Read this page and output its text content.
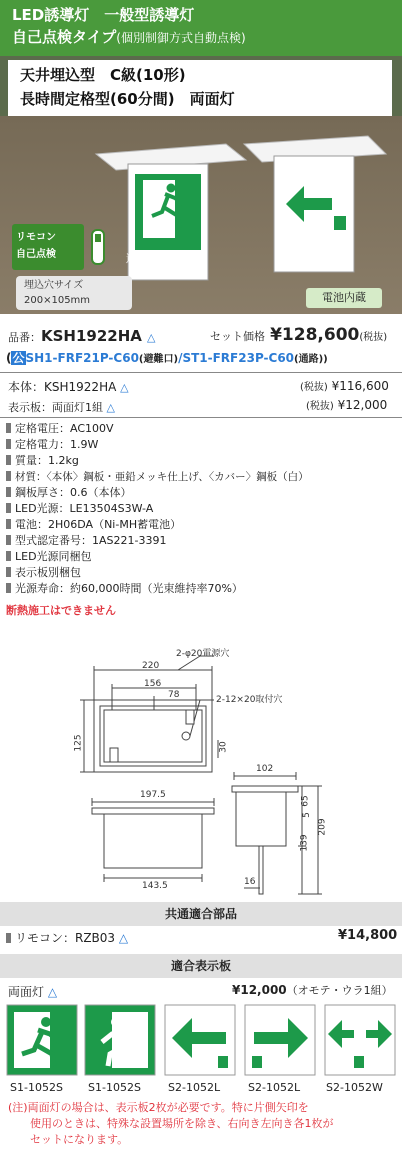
LED誘導灯　一般型誘導灯
自己点検タイプ(個別制御方式自動点検)
天井埋込型　C級(10形)
長時間定格型(60分間)　両面灯
避難口誘導灯	通路誘導灯
リモコン
自己点検
埋込穴サイズ
200×105mm	電池内蔵
品番：KSH1922HA △	セット価格 ¥128,600(税抜)
(公SH1-FRF21P-C60(避難口)/ST1-FRF23P-C60(通路))
本体：KSH1922HA △	(税抜) ¥116,600
表示板：両面灯1組 △	(税抜) ¥12,000
定格電圧：AC100V
定格電力：1.9W
質量：1.2kg
材質：〈本体〉鋼板・亜鉛メッキ仕上げ、〈カバー〉鋼板（白）
鋼板厚さ：0.6（本体）
LED光源：LE13504S3W-A
電池：2H06DA（Ni-MH蓄電池）
型式認定番号：1AS221-3391
LED光源同梱包
表示板別梱包
光源寿命：約60,000時間（光束維持率70%）
断熱施工はできません
2-φ20電源穴
220
156
78	2-12×20取付穴
125	30
197.5
143.5
102
65
5
139
209
16
共通適合部品
リモコン：RZB03 △	¥14,800
適合表示板
両面灯 △	¥12,000（オモテ・ウラ1組）
S1-1052S S1-1052S S2-1052L	S2-1052L S2-1052W
(注)両面灯の場合は、表示板2枚が必要です。特に片側矢印を
使用のときは、特殊な設置場所を除き、右向き左向き各1枚が
セットになります。
